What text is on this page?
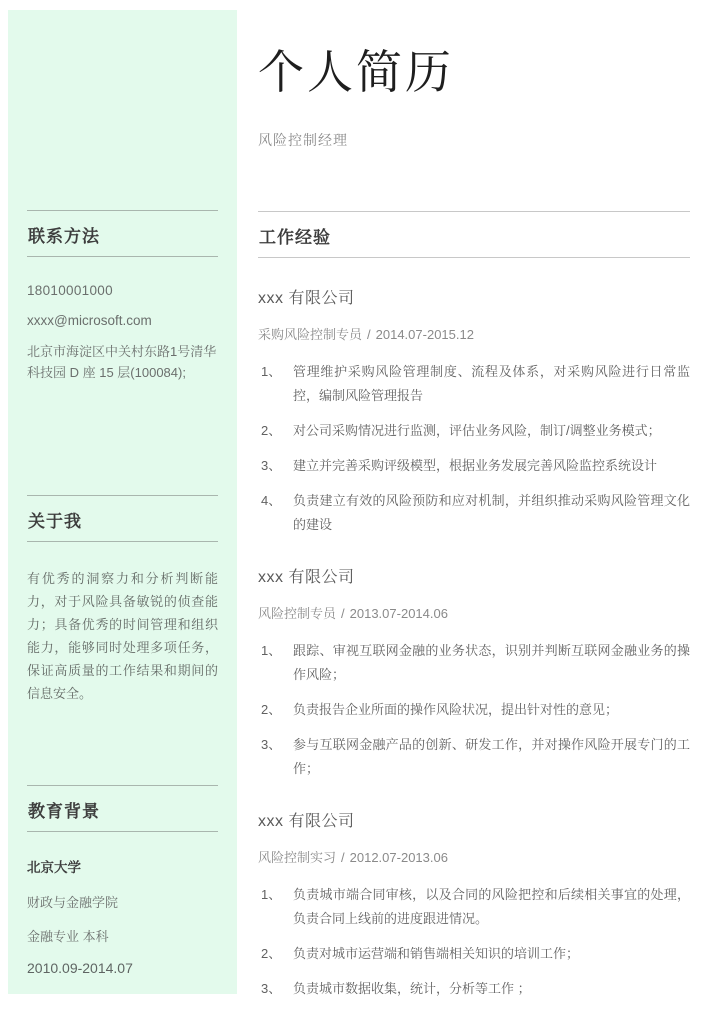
联系方法
18010001000
xxxx@microsoft.com
北京市海淀区中关村东路1号清华科技园 D 座 15 层(100084);
关于我
有优秀的洞察力和分析判断能力，对于风险具备敏锐的侦查能力；具备优秀的时间管理和组织能力，能够同时处理多项任务，保证高质量的工作结果和期间的信息安全。
教育背景
北京大学
财政与金融学院
金融专业 本科
2010.09-2014.07
个人简历
风险控制经理
工作经验
xxx 有限公司
采购风险控制专员 / 2014.07-2015.12
1、 管理维护采购风险管理制度、流程及体系，对采购风险进行日常监控，编制风险管理报告
2、 对公司采购情况进行监测，评估业务风险，制订/调整业务模式；
3、 建立并完善采购评级模型，根据业务发展完善风险监控系统设计
4、 负责建立有效的风险预防和应对机制，并组织推动采购风险管理文化的建设
xxx 有限公司
风险控制专员 / 2013.07-2014.06
1、 跟踪、审视互联网金融的业务状态，识别并判断互联网金融业务的操作风险；
2、 负责报告企业所面的操作风险状况，提出针对性的意见；
3、 参与互联网金融产品的创新、研发工作，并对操作风险开展专门的工作；
xxx 有限公司
风险控制实习 / 2012.07-2013.06
1、 负责城市端合同审核，以及合同的风险把控和后续相关事宜的处理，负责合同上线前的进度跟进情况。
2、 负责对城市运营端和销售端相关知识的培训工作；
3、 负责城市数据收集，统计，分析等工作 ；
